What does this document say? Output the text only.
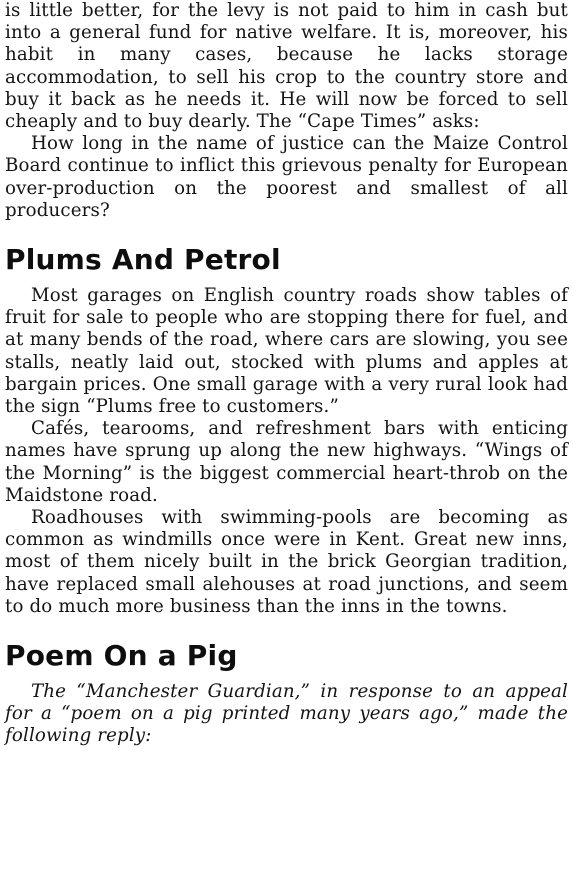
is little better, for the levy is not paid to him in cash but into a general fund for native welfare. It is, moreover, his habit in many cases, because he lacks storage accommodation, to sell his crop to the country store and buy it back as he needs it. He will now be forced to sell cheaply and to buy dearly. The “Cape Times” asks:

How long in the name of justice can the Maize Control Board continue to inflict this grievous penalty for European over-production on the poorest and smallest of all producers?

Plums And Petrol

Most garages on English country roads show tables of fruit for sale to people who are stopping there for fuel, and at many bends of the road, where cars are slowing, you see stalls, neatly laid out, stocked with plums and apples at bargain prices. One small garage with a very rural look had the sign “Plums free to customers.”

Cafés, tearooms, and refreshment bars with enticing names have sprung up along the new highways. “Wings of the Morning” is the biggest commercial heart-throb on the Maidstone road.

Roadhouses with swimming-pools are becoming as common as windmills once were in Kent. Great new inns, most of them nicely built in the brick Georgian tradition, have replaced small alehouses at road junctions, and seem to do much more business than the inns in the towns.

Poem On a Pig

The “Manchester Guardian,” in response to an appeal for a “poem on a pig printed many years ago,” made the following reply:
